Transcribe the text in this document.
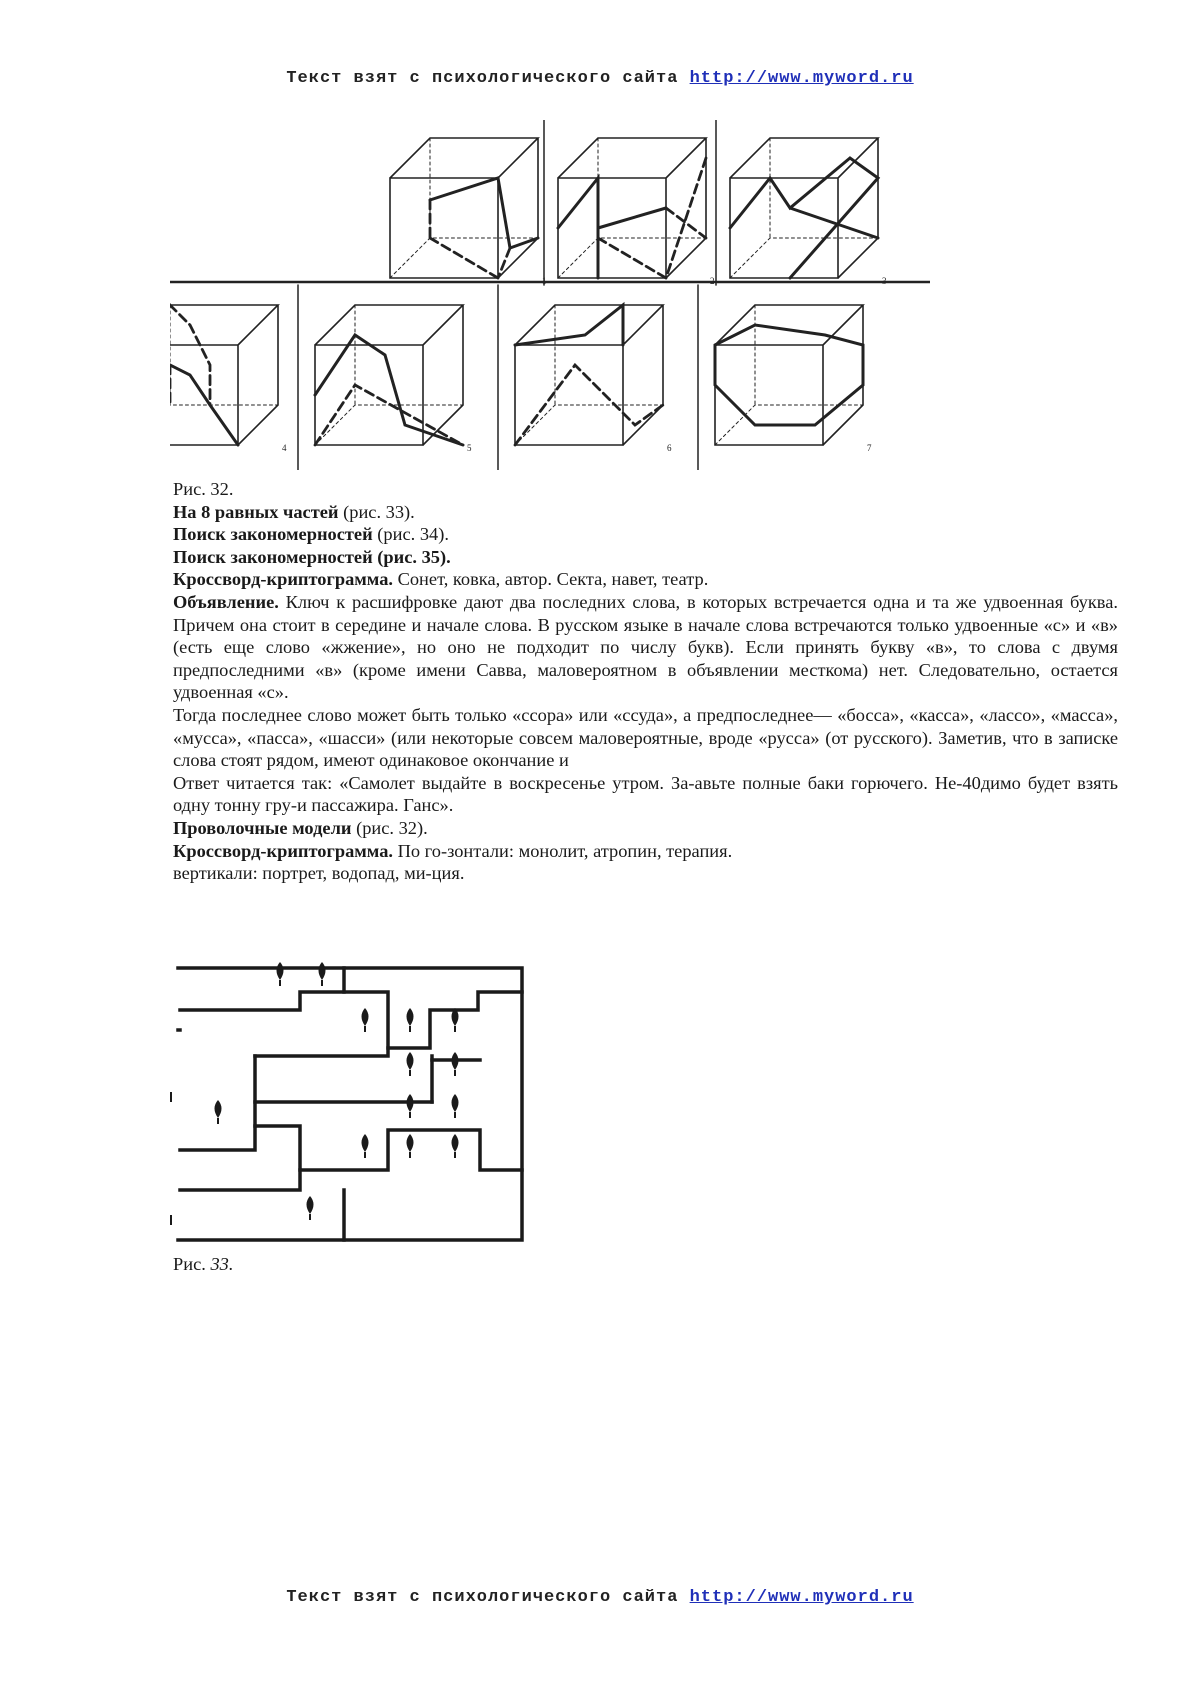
Текст взят с психологического сайта http://www.myword.ru
1	2	3
4	5	6	7

Рис. 32.

На 8 равных частей (рис. 33).

Поиск закономерностей (рис. 34).

Поиск закономерностей (рис. 35).

Кроссворд-криптограмма. Сонет, ковка, автор. Секта, навет, театр.

Объявление. Ключ к расшифровке дают два последних слова, в которых встречается одна и та же удвоенная буква. Причем она стоит в середине и начале слова. В русском языке в начале слова встречаются только удвоенные «с» и «в» (есть еще слово «жжение», но оно не подходит по числу букв). Если принять букву «в», то слова с двумя предпоследними «в» (кроме имени Савва, маловероятном в объявлении месткома) нет. Следовательно, остается удвоенная «с».

Тогда последнее слово может быть только «ссора» или «ссуда», а предпоследнее— «босса», «касса», «лассо», «масса», «мусса», «пасса», «шасси» (или некоторые совсем маловероятные, вроде «русса» (от русского). Заметив, что в записке слова стоят рядом, имеют одинаковое окончание и

Ответ читается так: «Самолет выдайте в воскресенье утром. За-авьте полные баки горючего. Не-40димо будет взять одну тонну гру-и пассажира. Ганс».

Проволочные модели (рис. 32).

Кроссворд-криптограмма. По го-зонтали: монолит, атропин, терапия.

вертикали: портрет, водопад, ми-ция.

Рис. 33.
Текст взят с психологического сайта http://www.myword.ru
